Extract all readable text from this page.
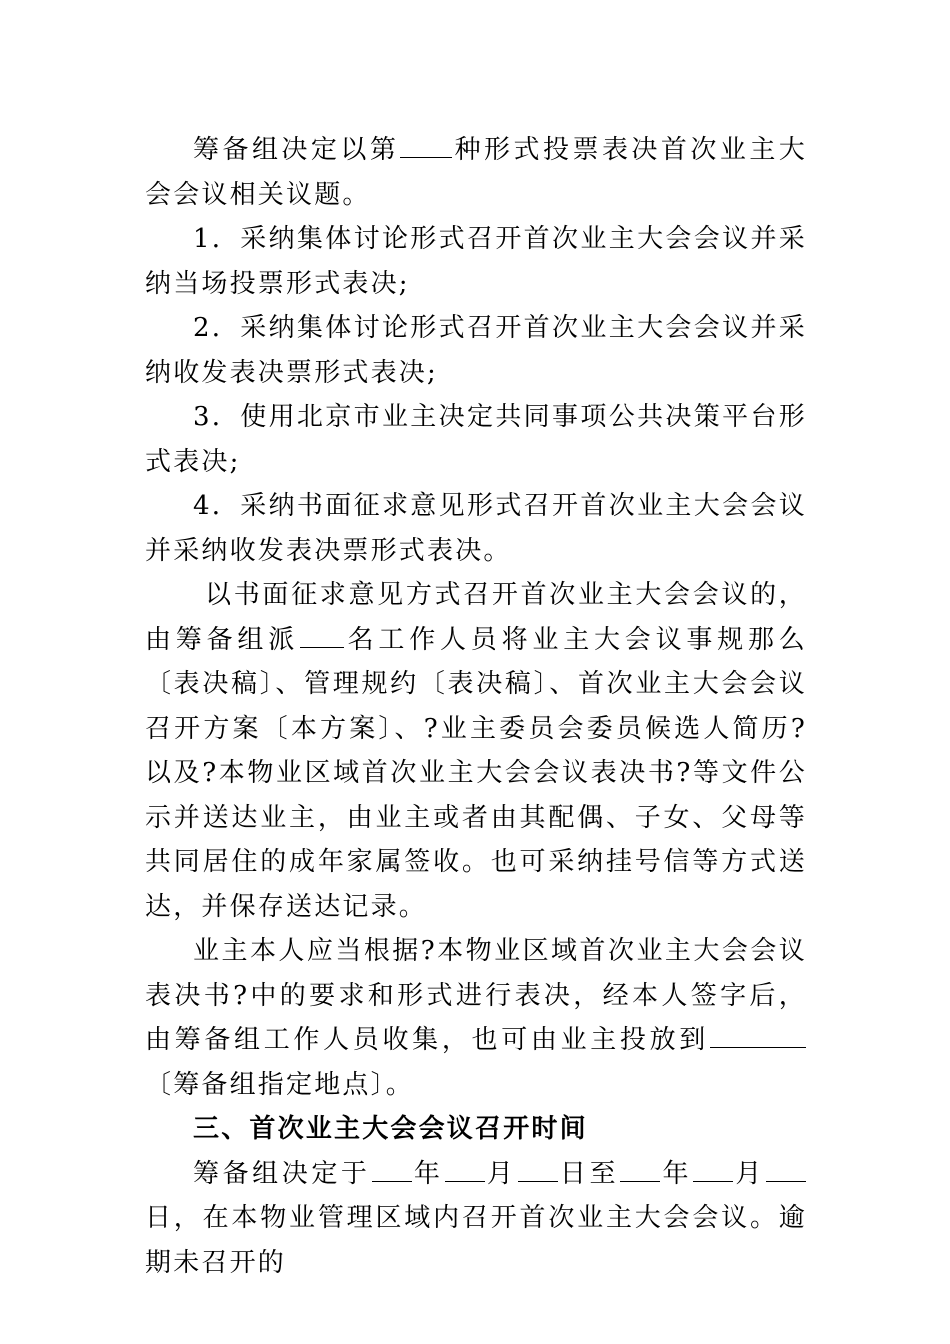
筹备组决定以第 种形式投票表决首次业主大会会议相关议题。

1．采纳集体讨论形式召开首次业主大会会议并采纳当场投票形式表决;

2．采纳集体讨论形式召开首次业主大会会议并采纳收发表决票形式表决;

3．使用北京市业主决定共同事项公共决策平台形式表决;

4．采纳书面征求意见形式召开首次业主大会会议并采纳收发表决票形式表决。

以书面征求意见方式召开首次业主大会会议的，由筹备组派 名工作人员将业主大会议事规那么〔表决稿〕、管理规约〔表决稿〕、首次业主大会会议召开方案〔本方案〕、?业主委员会委员候选人简历?以及?本物业区域首次业主大会会议表决书?等文件公示并送达业主，由业主或者由其配偶、子女、父母等共同居住的成年家属签收。也可采纳挂号信等方式送达，并保存送达记录。

业主本人应当根据?本物业区域首次业主大会会议表决书?中的要求和形式进行表决，经本人签字后，由筹备组工作人员收集，也可由业主投放到〔筹备组指定地点〕。

三、首次业主大会会议召开时间

筹备组决定于 年 月 日至 年 月日，在本物业管理区域内召开首次业主大会会议。逾期未召开的
